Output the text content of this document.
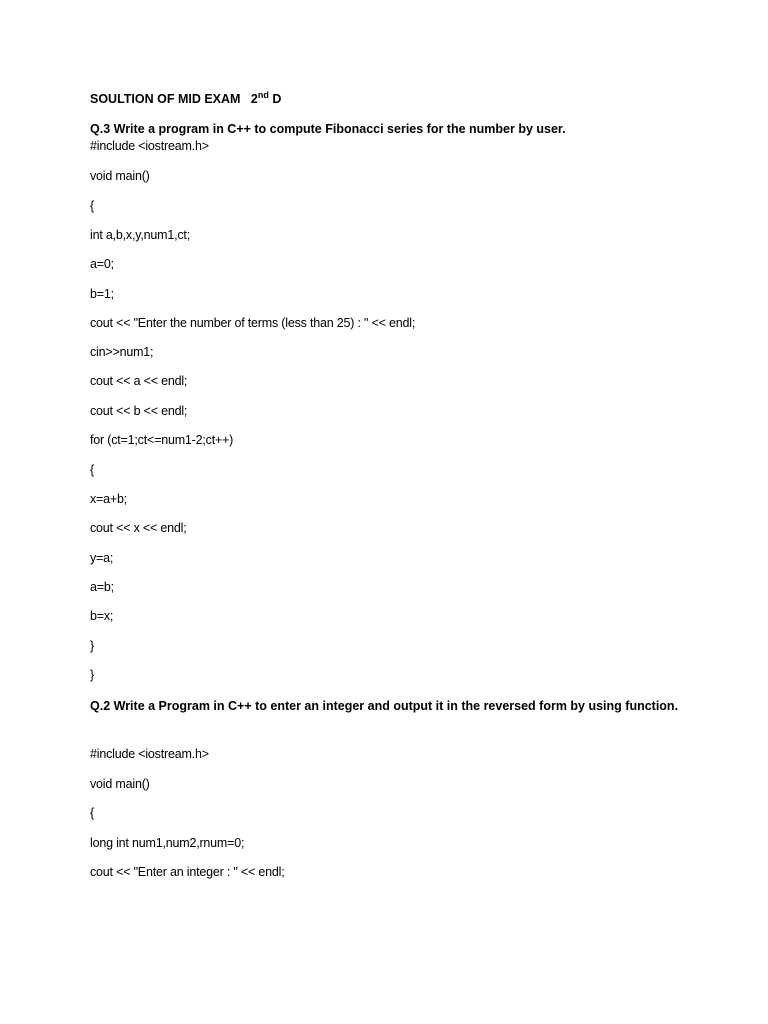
SOULTION OF MID EXAM   2nd D
Q.3 Write a program in C++ to compute Fibonacci series for the number by user.
#include <iostream.h>
void main()
{
int a,b,x,y,num1,ct;
a=0;
b=1;
cout << "Enter the number of terms (less than 25) : " << endl;
cin>>num1;
cout << a << endl;
cout << b << endl;
for (ct=1;ct<=num1-2;ct++)
{
x=a+b;
cout << x << endl;
y=a;
a=b;
b=x;
}
}
Q.2 Write a Program in C++ to enter an integer and output it in the reversed form by using function.
#include <iostream.h>
void main()
{
long int num1,num2,rnum=0;
cout << "Enter an integer : " << endl;
